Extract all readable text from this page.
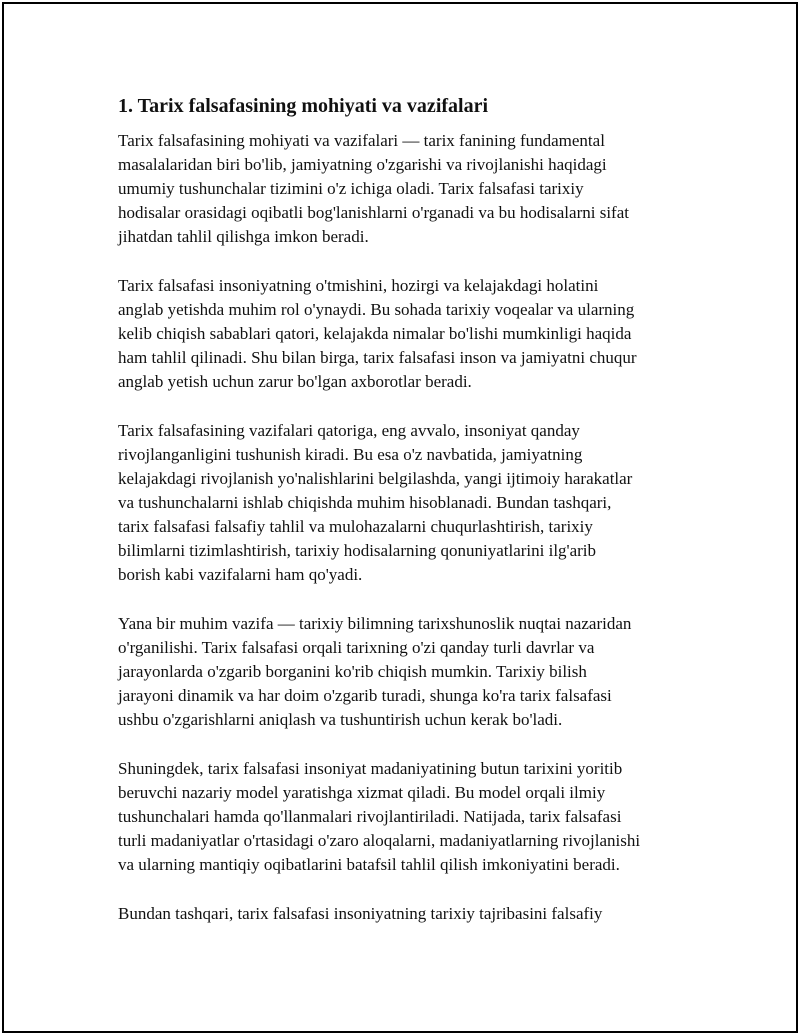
1. Tarix falsafasining mohiyati va vazifalari

Tarix falsafasining mohiyati va vazifalari — tarix fanining fundamental
masalalaridan biri bo'lib, jamiyatning o'zgarishi va rivojlanishi haqidagi
umumiy tushunchalar tizimini o'z ichiga oladi. Tarix falsafasi tarixiy
hodisalar orasidagi oqibatli bog'lanishlarni o'rganadi va bu hodisalarni sifat
jihatdan tahlil qilishga imkon beradi.

Tarix falsafasi insoniyatning o'tmishini, hozirgi va kelajakdagi holatini
anglab yetishda muhim rol o'ynaydi. Bu sohada tarixiy voqealar va ularning
kelib chiqish sabablari qatori, kelajakda nimalar bo'lishi mumkinligi haqida
ham tahlil qilinadi. Shu bilan birga, tarix falsafasi inson va jamiyatni chuqur
anglab yetish uchun zarur bo'lgan axborotlar beradi.

Tarix falsafasining vazifalari qatoriga, eng avvalo, insoniyat qanday
rivojlanganligini tushunish kiradi. Bu esa o'z navbatida, jamiyatning
kelajakdagi rivojlanish yo'nalishlarini belgilashda, yangi ijtimoiy harakatlar
va tushunchalarni ishlab chiqishda muhim hisoblanadi. Bundan tashqari,
tarix falsafasi falsafiy tahlil va mulohazalarni chuqurlashtirish, tarixiy
bilimlarni tizimlashtirish, tarixiy hodisalarning qonuniyatlarini ilg'arib
borish kabi vazifalarni ham qo'yadi.

Yana bir muhim vazifa — tarixiy bilimning tarixshunoslik nuqtai nazaridan
o'rganilishi. Tarix falsafasi orqali tarixning o'zi qanday turli davrlar va
jarayonlarda o'zgarib borganini ko'rib chiqish mumkin. Tarixiy bilish
jarayoni dinamik va har doim o'zgarib turadi, shunga ko'ra tarix falsafasi
ushbu o'zgarishlarni aniqlash va tushuntirish uchun kerak bo'ladi.

Shuningdek, tarix falsafasi insoniyat madaniyatining butun tarixini yoritib
beruvchi nazariy model yaratishga xizmat qiladi. Bu model orqali ilmiy
tushunchalari hamda qo'llanmalari rivojlantiriladi. Natijada, tarix falsafasi
turli madaniyatlar o'rtasidagi o'zaro aloqalarni, madaniyatlarning rivojlanishi
va ularning mantiqiy oqibatlarini batafsil tahlil qilish imkoniyatini beradi.

Bundan tashqari, tarix falsafasi insoniyatning tarixiy tajribasini falsafiy
